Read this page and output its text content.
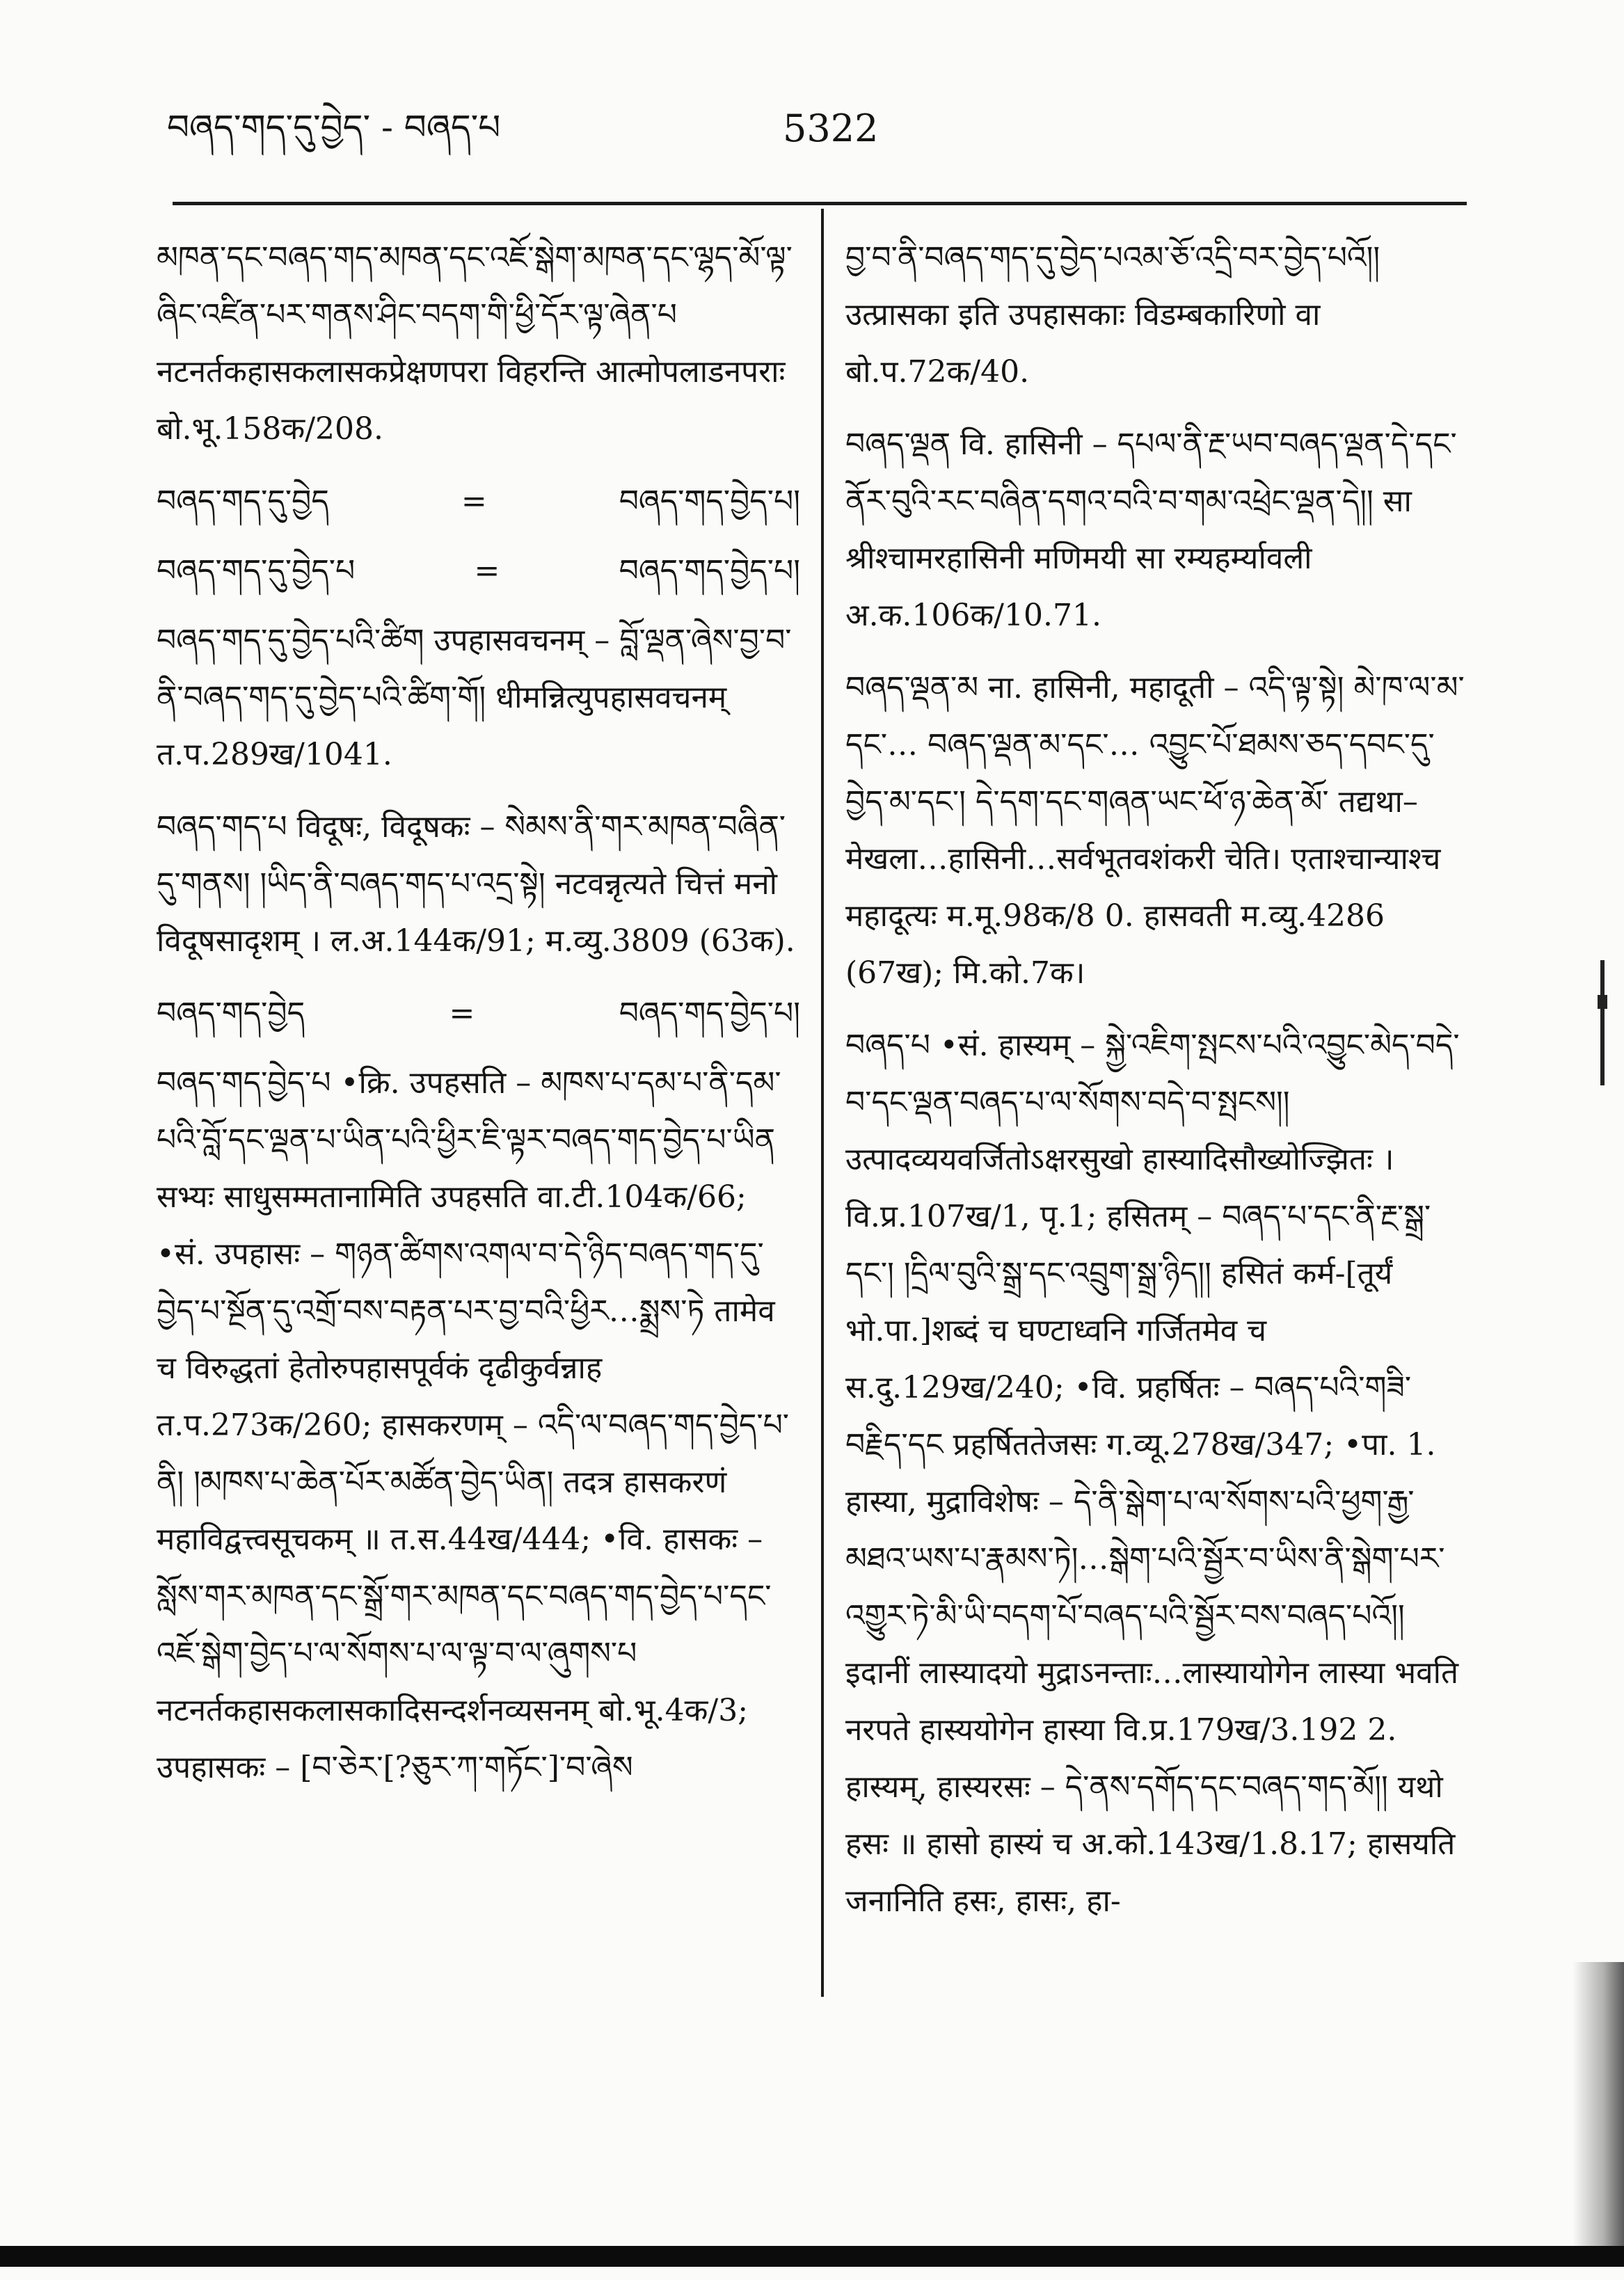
བཞད་གད་དུ་བྱེད་ - བཞད་པ	5322

མཁན་དང་བཞད་གད་མཁན་དང་འཇོ་སྒེག་མཁན་དང་ལྷད་མོ་ལྟ་ཞིང་འཛིན་པར་གནས་ཤིང་བདག་གི་ཕྱི་དོར་ལྟ་ཞེན་པ नटनर्तकहासकलासकप्रेक्षणपरा विहरन्ति आत्मोपलाडनपराः बो.भू.158क/208.

བཞད་གད་དུ་བྱེད	=	བཞད་གད་བྱེད་པ།
བཞད་གད་དུ་བྱེད་པ	=	བཞད་གད་བྱེད་པ།

བཞད་གད་དུ་བྱེད་པའི་ཚིག उपहासवचनम् – བློ་ལྡན་ཞེས་བྱ་བ་ནི་བཞད་གད་དུ་བྱེད་པའི་ཚིག་གོ། धीमन्नित्युपहासवचनम् त.प.289ख/1041.

བཞད་གད་པ विदूषः, विदूषकः – སེམས་ནི་གར་མཁན་བཞིན་དུ་གནས། །ཡིད་ནི་བཞད་གད་པ་འདྲ་སྟེ། नटवन्नृत्यते चित्तं मनो विदूषसादृशम् । ल.अ.144क/91; म.व्यु.3809 (63क).

བཞད་གད་བྱེད	=	བཞད་གད་བྱེད་པ།

བཞད་གད་བྱེད་པ •क्रि. उपहसति – མཁས་པ་དམ་པ་ནི་དམ་པའི་བློ་དང་ལྡན་པ་ཡིན་པའི་ཕྱིར་ཇི་ལྟར་བཞད་གད་བྱེད་པ་ཡིན सभ्यः साधुसम्मतानामिति उपहसति वा.टी.104क/66; •सं. उपहासः – གཉན་ཚིགས་འགལ་བ་དེ་ཉིད་བཞད་གད་དུ་བྱེད་པ་སྔོན་དུ་འགྲོ་བས་བརྟན་པར་བྱ་བའི་ཕྱིར…སྨྲས་ཏེ तामेव च विरुद्धतां हेतोरुपहासपूर्वकं दृढीकुर्वन्नाह त.प.273क/260; हासकरणम् – འདི་ལ་བཞད་གད་བྱེད་པ་ནི། །མཁས་པ་ཆེན་པོར་མཚོན་བྱེད་ཡིན། तदत्र हासकरणं महाविद्वत्त्वसूचकम् ॥ त.स.44ख/444; •वि. हासकः – སློས་གར་མཁན་དང་སྒྲོ་གར་མཁན་དང་བཞད་གད་བྱེད་པ་དང་འཇོ་སྒེག་བྱེད་པ་ལ་སོགས་པ་ལ་ལྟ་བ་ལ་ཞུགས་པ नटनर्तकहासकलासकादिसन्दर्शनव्यसनम् बो.भू.4क/3; उपहासकः – [བ་ཅེར་[?ཅུར་ཀ་གཏོང་]་བ་ཞེས

བྱ་བ་ནི་བཞད་གད་དུ་བྱེད་པའམ་ཅོ་འདྲི་བར་བྱེད་པའོ།། उत्प्रासका इति उपहासकाः विडम्बकारिणो वा बो.प.72क/40.

བཞད་ལྡན वि. हासिनी – དཔལ་ནི་རྔ་ཡབ་བཞད་ལྡན་དེ་དང་ནོར་བུའི་རང་བཞིན་དགའ་བའི་བ་གམ་འཕྲེང་ལྡན་དེ།། सा श्रीश्चामरहासिनी मणिमयी सा रम्यहर्म्यावली अ.क.106क/10.71.

བཞད་ལྡན་མ ना. हासिनी, महादूती – འདི་ལྟ་སྟེ། མེ་ཁ་ལ་མ་དང་… བཞད་ལྡན་མ་དང་… འབྱུང་པོ་ཐམས་ཅད་དབང་དུ་བྱེད་མ་དང་། དེ་དག་དང་གཞན་ཡང་ཕོ་ཉ་ཆེན་མོ་ तद्यथा–मेखला…हासिनी…सर्वभूतवशंकरी चेति। एताश्चान्याश्च महादूत्यः म.मू.98क/8 0. हासवती म.व्यु.4286 (67ख); मि.को.7क।

བཞད་པ •सं. हास्यम् – སྐྱེ་འཇིག་སྤངས་པའི་འབྱུང་མེད་བདེ་བ་དང་ལྡན་བཞད་པ་ལ་སོགས་བདེ་བ་སྤངས།། उत्पादव्ययवर्जितोऽक्षरसुखो हास्यादिसौख्योज्झितः । वि.प्र.107ख/1, पृ.1; हसितम् – བཞད་པ་དང་ནི་རྔ་སྒྲ་དང་། །དྲིལ་བུའི་སྒྲ་དང་འབྲུག་སྒྲ་ཉིད།། हसितं कर्म-[तूर्यं भो.पा.]शब्दं च घण्टाध्वनि गर्जितमेव च स.दु.129ख/240; •वि. प्रहर्षितः – བཞད་པའི་གཟི་བརྗིད་དང प्रहर्षिततेजसः ग.व्यू.278ख/347; •पा. 1. हास्या, मुद्राविशेषः – དེ་ནི་སྒེག་པ་ལ་སོགས་པའི་ཕྱག་རྒྱ་མཐའ་ཡས་པ་རྣམས་ཏེ།…སྒེག་པའི་སྦྱོར་བ་ཡིས་ནི་སྒེག་པར་འགྱུར་ཏེ་མི་ཡི་བདག་པོ་བཞད་པའི་སྦྱོར་བས་བཞད་པའོ།། इदानीं लास्यादयो मुद्राऽनन्ताः…लास्यायोगेन लास्या भवति नरपते हास्ययोगेन हास्या वि.प्र.179ख/3.192 2. हास्यम्, हास्यरसः – དེ་ནས་དགོད་དང་བཞད་གད་མོ།། यथो हसः ॥ हासो हास्यं च अ.को.143ख/1.8.17; हासयति जनानिति हसः, हासः, हा-
